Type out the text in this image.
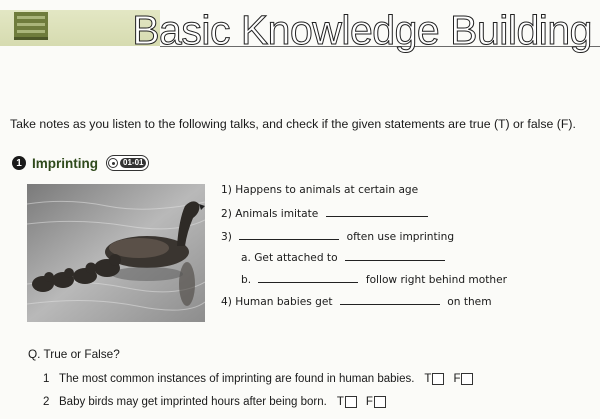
Basic Knowledge Building
Take notes as you listen to the following talks, and check if the given statements are true (T) or false (F).
1 Imprinting	01-01
1) Happens to animals at certain age
2) Animals imitate
3)	often use imprinting
a. Get attached to
b.	follow right behind mother
4) Human babies get	on them
Q. True or False?
1 The most common instances of imprinting are found in human babies. T F
2 Baby birds may get imprinted hours after being born. T F
